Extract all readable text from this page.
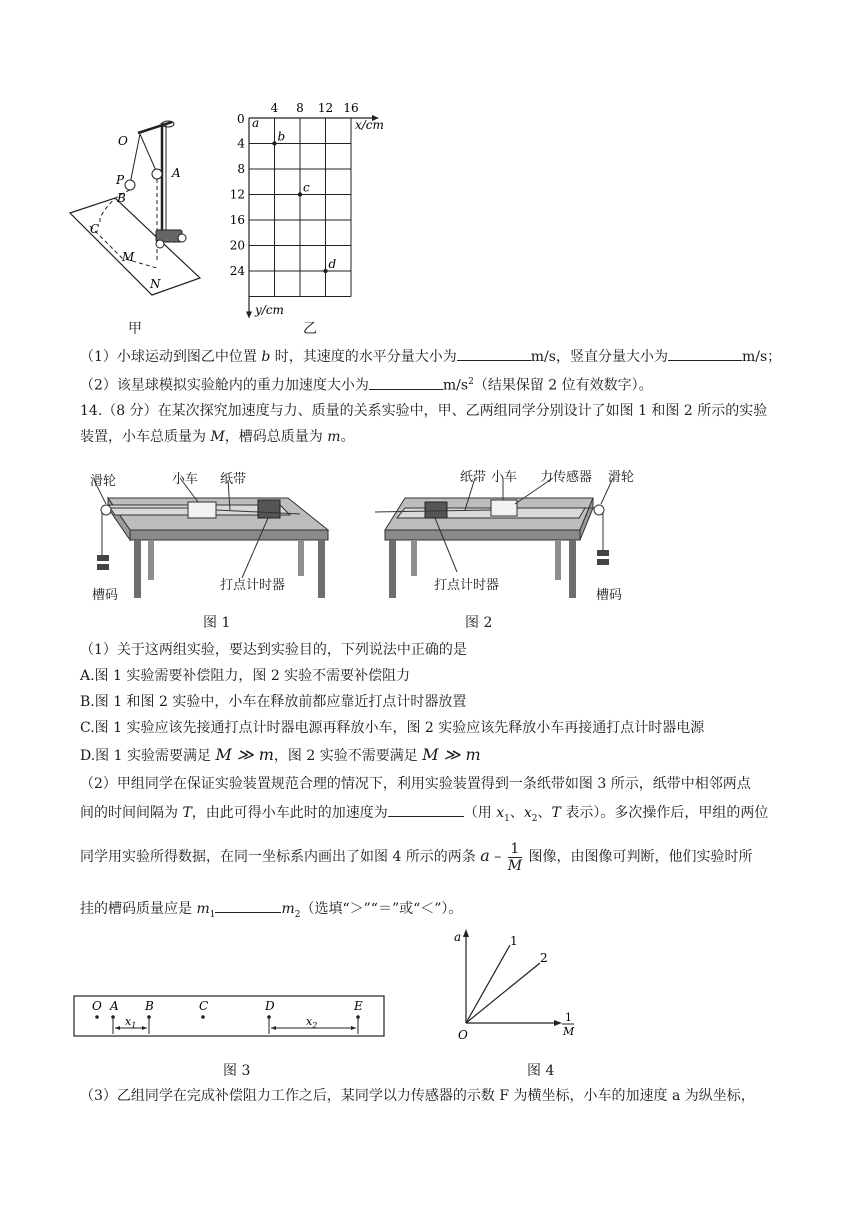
O
P
B
A
C
M
N
甲
4 8 12 16
4
8
12
16
20
24
a
b
c
d
x/cm
y/cm
0
乙
（1）小球运动到图乙中位置 b 时，其速度的水平分量大小为	m/s，竖直分量大小为	m/s；
（2）该星球模拟实验舱内的重力加速度大小为	$m/s^2$（结果保留 2 位有效数字）。
14.（8 分）在某次探究加速度与力、质量的关系实验中，甲、乙两组同学分别设计了如图 1 和图 2 所示的实验
装置，小车总质量为 M，槽码总质量为 m。
滑轮	小车 纸带
槽码
打点计时器
图 1
纸带 小车 力传感器 滑轮
槽码
打点计时器
图 2
（1）关于这两组实验，要达到实验目的，下列说法中正确的是
A.图 1 实验需要补偿阻力，图 2 实验不需要补偿阻力
B.图 1 和图 2 实验中，小车在释放前都应靠近打点计时器放置
C.图 1 实验应该先接通打点计时器电源再释放小车，图 2 实验应该先释放小车再接通打点计时器电源
D.图 1 实验需要满足 M ≫ m，图 2 实验不需要满足 M ≫ m
（2）甲组同学在保证实验装置规范合理的情况下，利用实验装置得到一条纸带如图 3 所示，纸带中相邻两点
间的时间间隔为 T，由此可得小车此时的加速度为	（用 $x_1$、$x_2$、T 表示）。多次操作后，甲组的两位
同学用实验所得数据，在同一坐标系内画出了如图 4 所示的两条 a – $\frac{1}{M}$ 图像，由图像可判断，他们实验时所
挂的槽码质量应是 $m_1$	$m_2$（选填“＞”“＝”或“＜”）。
O A B	C	D	E
$x_1$	$x_2$
图 3
a
O
1
2
1
M
图 4
（3）乙组同学在完成补偿阻力工作之后，某同学以力传感器的示数 F 为横坐标，小车的加速度 a 为纵坐标，
